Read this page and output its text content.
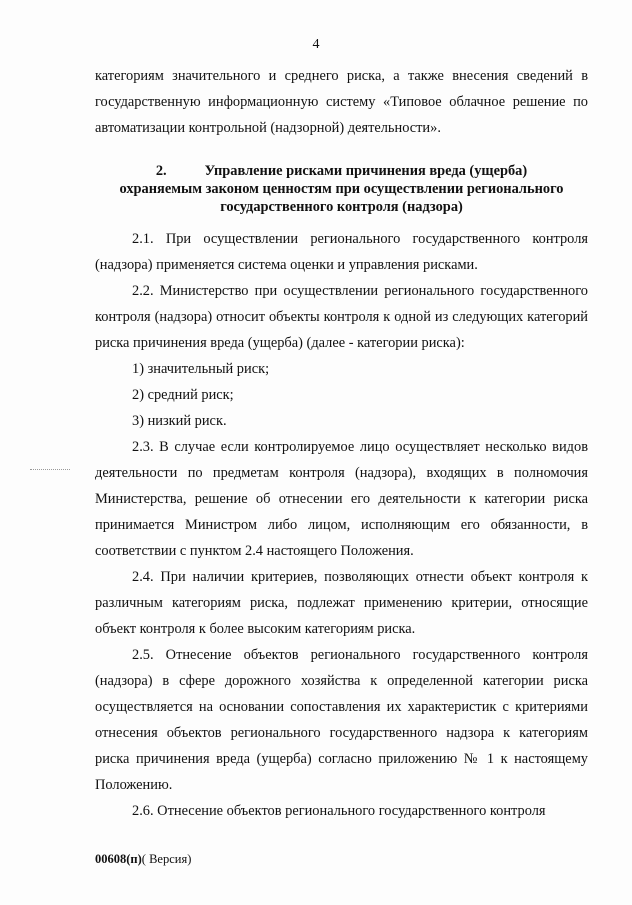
4

категориям значительного и среднего риска, а также внесения сведений в государственную информационную систему «Типовое облачное решение по автоматизации контрольной (надзорной) деятельности».

2.	Управление рисками причинения вреда (ущерба)
охраняемым законом ценностям при осуществлении регионального
государственного контроля (надзора)

2.1. При осуществлении регионального государственного контроля (надзора) применяется система оценки и управления рисками.

2.2. Министерство при осуществлении регионального государственного контроля (надзора) относит объекты контроля к одной из следующих категорий риска причинения вреда (ущерба) (далее - категории риска):

1) значительный риск;

2) средний риск;

3) низкий риск.

2.3. В случае если контролируемое лицо осуществляет несколько видов деятельности по предметам контроля (надзора), входящих в полномочия Министерства, решение об отнесении его деятельности к категории риска принимается Министром либо лицом, исполняющим его обязанности, в соответствии с пунктом 2.4 настоящего Положения.

2.4. При наличии критериев, позволяющих отнести объект контроля к различным категориям риска, подлежат применению критерии, относящие объект контроля к более высоким категориям риска.

2.5. Отнесение объектов регионального государственного контроля (надзора) в сфере дорожного хозяйства к определенной категории риска осуществляется на основании сопоставления их характеристик с критериями отнесения объектов регионального государственного надзора к категориям риска причинения вреда (ущерба) согласно приложению № 1 к настоящему Положению.

2.6. Отнесение объектов регионального государственного контроля

00608(п)( Версия)
